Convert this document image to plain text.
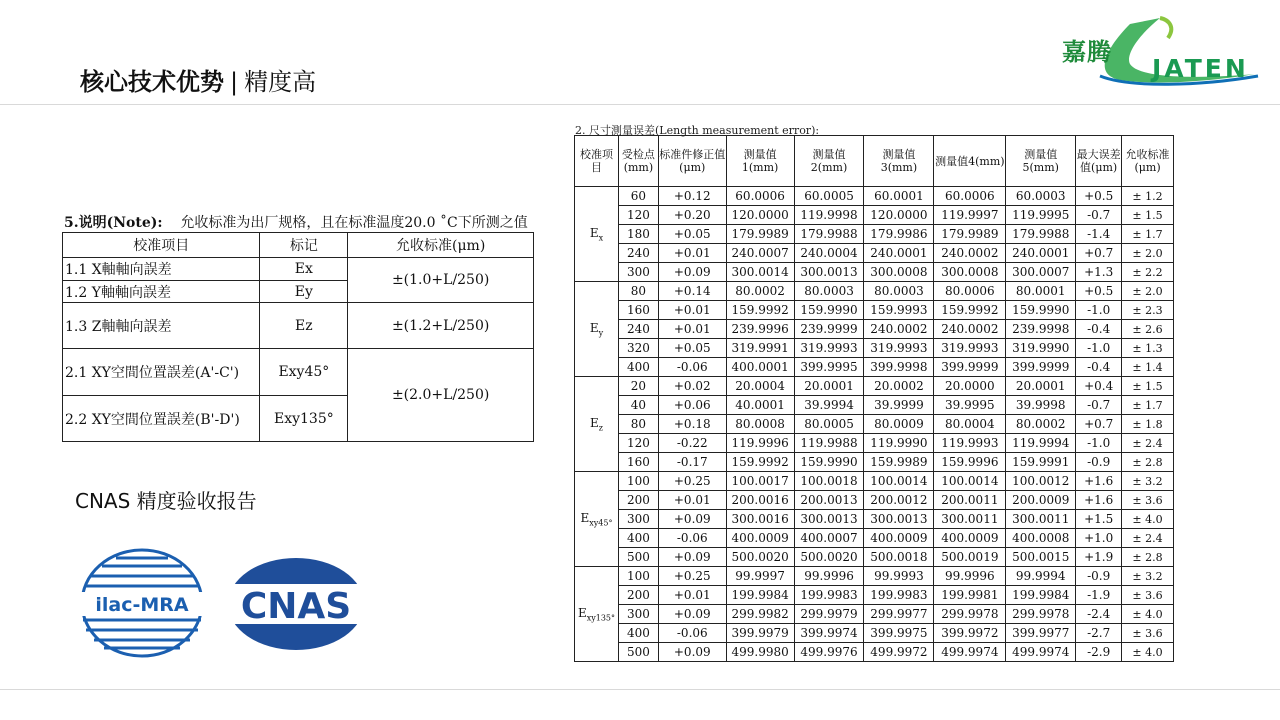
核心技术优势 | 精度高
嘉腾
JATEN
5.说明(Note): 允收标准为出厂规格，且在标准温度20.0 ˚C下所测之值
校准项目	标记	允收标准(μm)
1.1 X軸軸向誤差	Ex	±(1.0+L/250)
1.2 Y軸軸向誤差	Ey	
1.3 Z軸軸向誤差	Ez	±(1.2+L/250)
2.1 XY空間位置誤差(A'-C')	Exy45°	±(2.0+L/250)
2.2 XY空間位置誤差(B'-D')	Exy135°	
CNAS 精度验收报告
ilac-MRA CNAS
2. 尺寸測量误差(Length measurement error):
校准项目	受检点(mm)	标准件修正值(μm)	测量值1(mm)	测量值2(mm)	测量值3(mm)	测量值4(mm)	测量值5(mm)	最大误差值(μm)	允收标准(μm)
$E_x$	60	+0.12	60.0006	60.0005	60.0001	60.0006	60.0003	+0.5	± 1.2
	120	+0.20	120.0000	119.9998	120.0000	119.9997	119.9995	-0.7	± 1.5
	180	+0.05	179.9989	179.9988	179.9986	179.9989	179.9988	-1.4	± 1.7
	240	+0.01	240.0007	240.0004	240.0001	240.0002	240.0001	+0.7	± 2.0
	300	+0.09	300.0014	300.0013	300.0008	300.0008	300.0007	+1.3	± 2.2
$E_y$	80	+0.14	80.0002	80.0003	80.0003	80.0006	80.0001	+0.5	± 2.0
	160	+0.01	159.9992	159.9990	159.9993	159.9992	159.9990	-1.0	± 2.3
	240	+0.01	239.9996	239.9999	240.0002	240.0002	239.9998	-0.4	± 2.6
	320	+0.05	319.9991	319.9993	319.9993	319.9993	319.9990	-1.0	± 1.3
	400	-0.06	400.0001	399.9995	399.9998	399.9999	399.9999	-0.4	± 1.4
$E_z$	20	+0.02	20.0004	20.0001	20.0002	20.0000	20.0001	+0.4	± 1.5
	40	+0.06	40.0001	39.9994	39.9999	39.9995	39.9998	-0.7	± 1.7
	80	+0.18	80.0008	80.0005	80.0009	80.0004	80.0002	+0.7	± 1.8
	120	-0.22	119.9996	119.9988	119.9990	119.9993	119.9994	-1.0	± 2.4
	160	-0.17	159.9992	159.9990	159.9989	159.9996	159.9991	-0.9	± 2.8
$E_{xy45^\circ}$	100	+0.25	100.0017	100.0018	100.0014	100.0014	100.0012	+1.6	± 3.2
	200	+0.01	200.0016	200.0013	200.0012	200.0011	200.0009	+1.6	± 3.6
	300	+0.09	300.0016	300.0013	300.0013	300.0011	300.0011	+1.5	± 4.0
	400	-0.06	400.0009	400.0007	400.0009	400.0009	400.0008	+1.0	± 2.4
	500	+0.09	500.0020	500.0020	500.0018	500.0019	500.0015	+1.9	± 2.8
$E_{xy135^\circ}$	100	+0.25	99.9997	99.9996	99.9993	99.9996	99.9994	-0.9	± 3.2
	200	+0.01	199.9984	199.9983	199.9983	199.9981	199.9984	-1.9	± 3.6
	300	+0.09	299.9982	299.9979	299.9977	299.9978	299.9978	-2.4	± 4.0
	400	-0.06	399.9979	399.9974	399.9975	399.9972	399.9977	-2.7	± 3.6
	500	+0.09	499.9980	499.9976	499.9972	499.9974	499.9974	-2.9	± 4.0
